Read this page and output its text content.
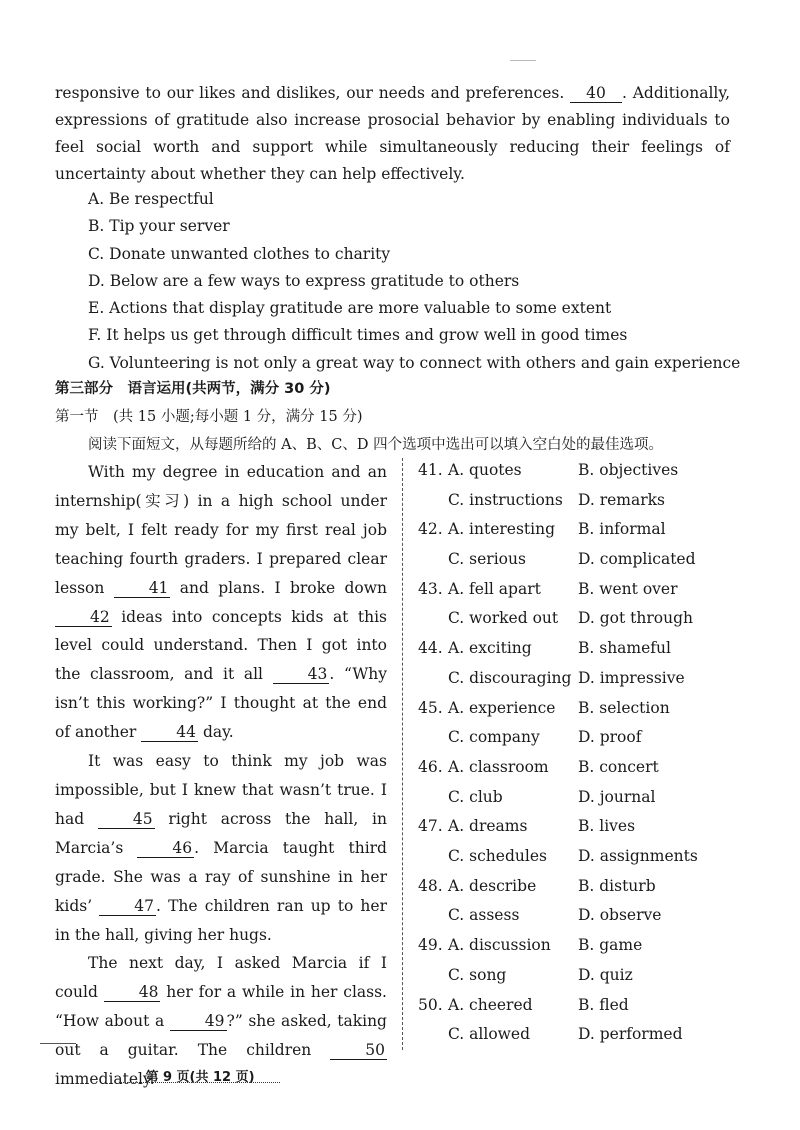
responsive to our likes and dislikes, our needs and preferences. 40 . Additionally, expressions of gratitude also increase prosocial behavior by enabling individuals to feel social worth and support while simultaneously reducing their feelings of uncertainty about whether they can help effectively.
A. Be respectful
B. Tip your server
C. Donate unwanted clothes to charity
D. Below are a few ways to express gratitude to others
E. Actions that display gratitude are more valuable to some extent
F. It helps us get through difficult times and grow well in good times
G. Volunteering is not only a great way to connect with others and gain experience
第三部分　语言运用(共两节，满分 30 分)
第一节　(共 15 小题;每小题 1 分，满分 15 分)
阅读下面短文，从每题所给的 A、B、C、D 四个选项中选出可以填入空白处的最佳选项。

With my degree in education and an internship(实习) in a high school under my belt, I felt ready for my first real job teaching fourth graders. I prepared clear lesson 41 and plans. I broke down 42 ideas into concepts kids at this level could understand. Then I got into the classroom, and it all 43 . “Why isn’t this working?” I thought at the end of another 44 day.

It was easy to think my job was impossible, but I knew that wasn’t true. I had 45 right across the hall, in Marcia’s 46 . Marcia taught third grade. She was a ray of sunshine in her kids’ 47 . The children ran up to her in the hall, giving her hugs.

The next day, I asked Marcia if I could 48 her for a while in her class. “How about a 49 ?” she asked, taking out a guitar. The children 50 immediately.

41. A. quotes	B. objectives
C. instructions D. remarks
42. A. interesting B. informal
C. serious	D. complicated
43. A. fell apart B. went over
C. worked out D. got through
44. A. exciting	B. shameful
C. discouraging D. impressive
45. A. experience B. selection
C. company D. proof
46. A. classroom B. concert
C. club	D. journal
47. A. dreams	B. lives
C. schedules D. assignments
48. A. describe	B. disturb
C. assess	D. observe
49. A. discussion B. game
C. song	D. quiz
50. A. cheered	B. fled
C. allowed	D. performed
第 9 页(共 12 页)
